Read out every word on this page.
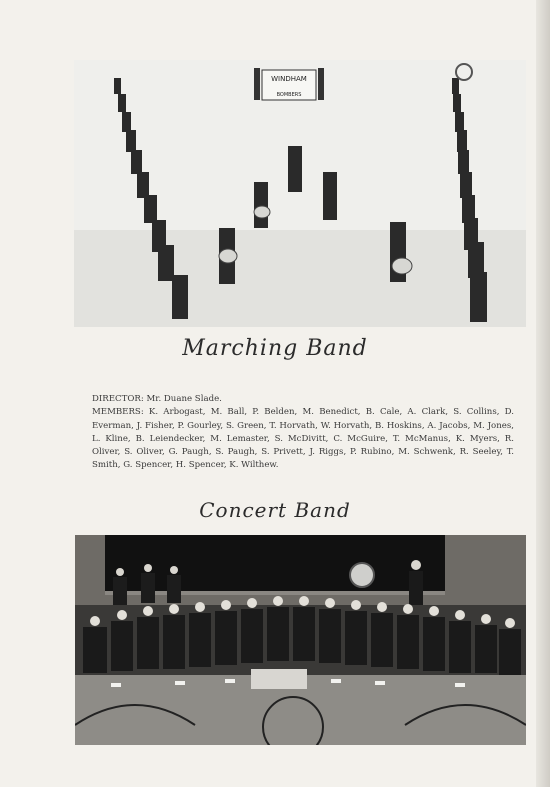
WINDHAM
BOMBERS
Marching Band

DIRECTOR: Mr. Duane Slade.

MEMBERS: K. Arbogast, M. Ball, P. Belden, M. Benedict, B. Cale, A. Clark, S. Collins, D. Everman, J. Fisher, P. Gourley, S. Green, T. Horvath, W. Horvath, B. Hoskins, A. Jacobs, M. Jones, L. Kline, B. Leiendecker, M. Lemaster, S. McDivitt, C. McGuire, T. McManus, K. Myers, R. Oliver, S. Oliver, G. Paugh, S. Paugh, S. Privett, J. Riggs, P. Rubino, M. Schwenk, R. Seeley, T. Smith, G. Spencer, H. Spencer, K. Wilthew.

Concert Band
